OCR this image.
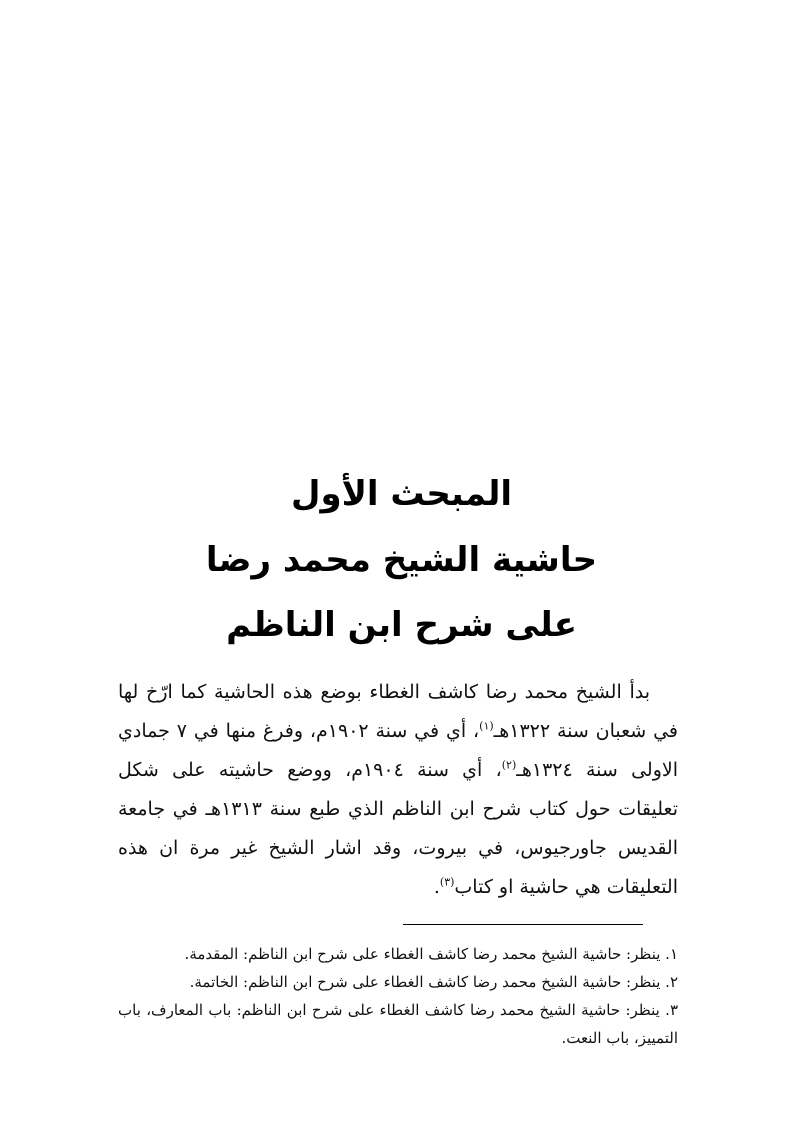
المبحث الأول
حاشية الشيخ محمد رضا
على شرح ابن الناظم
بدأ الشيخ محمد رضا كاشف الغطاء بوضع هذه الحاشية كما ارّخ لها في شعبان سنة ١٣٢٢هـ$^{(١)}$، أي في سنة ١٩٠٢م، وفرغ منها في ٧ جمادي الاولى سنة ١٣٢٤هـ$^{(٢)}$، أي سنة ١٩٠٤م، ووضع حاشيته على شكل تعليقات حول كتاب شرح ابن الناظم الذي طبع سنة ١٣١٣هـ في جامعة القديس جاورجيوس، في بيروت، وقد اشار الشيخ غير مرة ان هذه التعليقات هي حاشية او كتاب$^{(٣)}$.
١. ينظر: حاشية الشيخ محمد رضا كاشف الغطاء على شرح ابن الناظم: المقدمة.
٢. ينظر: حاشية الشيخ محمد رضا كاشف الغطاء على شرح ابن الناظم: الخاتمة.
٣. ينظر: حاشية الشيخ محمد رضا كاشف الغطاء على شرح ابن الناظم: باب المعارف، باب التمييز، باب النعت.
